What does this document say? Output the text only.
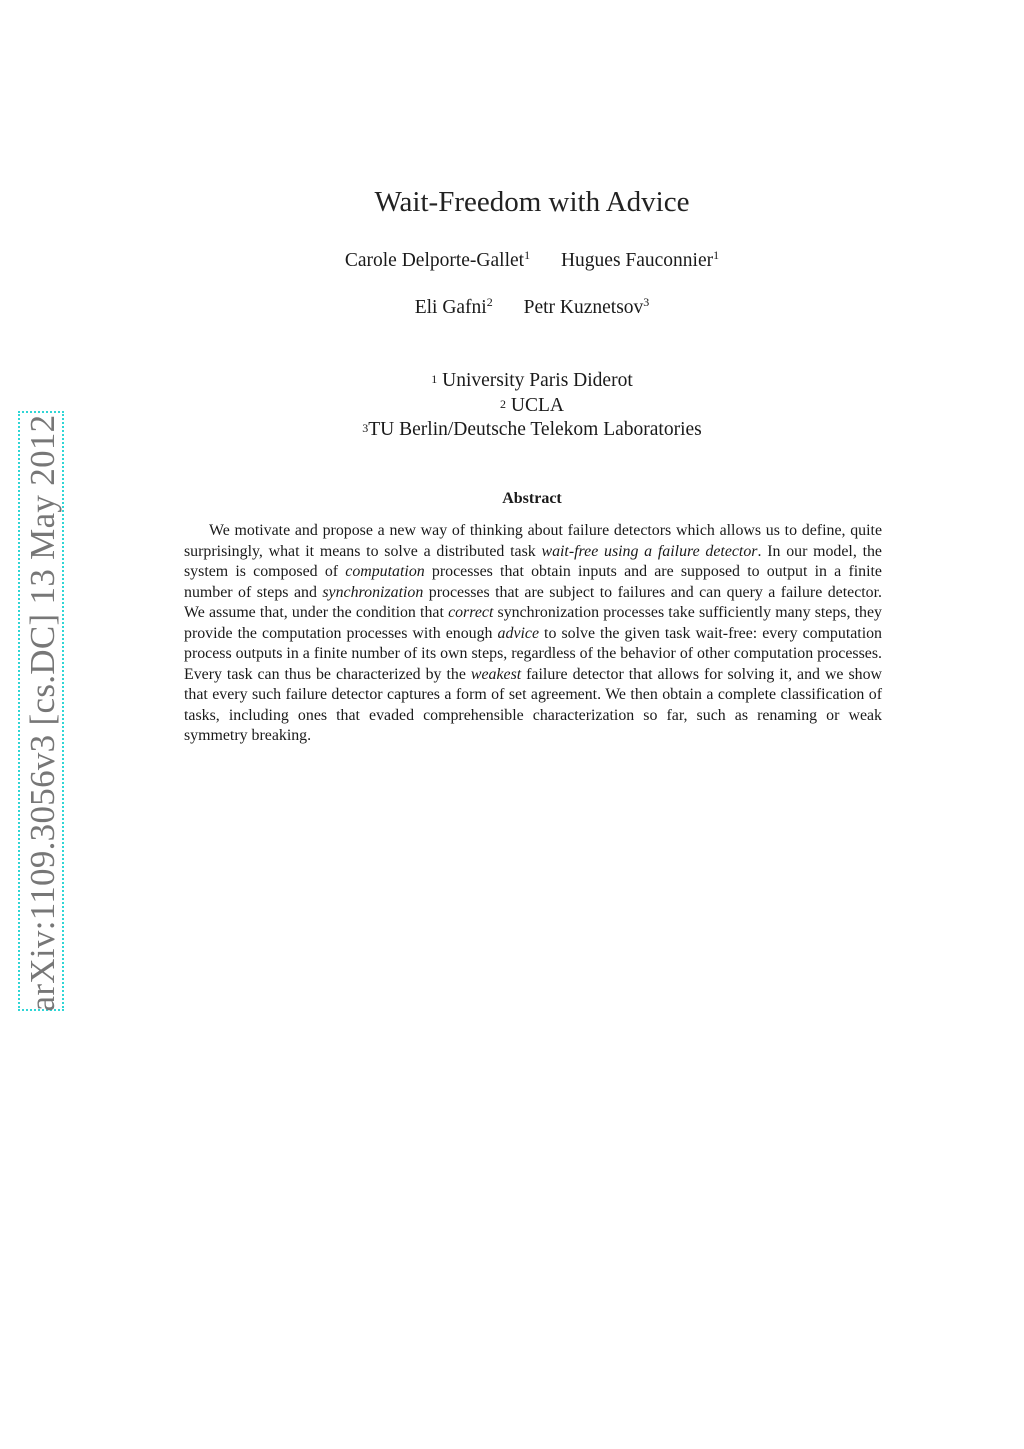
arXiv:1109.3056v3 [cs.DC] 13 May 2012
Wait-Freedom with Advice
Carole Delporte-Gallet$^1$ Hugues Fauconnier$^1$
Eli Gafni$^2$ Petr Kuznetsov$^3$
$^1$ University Paris Diderot
$^2$ UCLA
$^3$TU Berlin/Deutsche Telekom Laboratories
Abstract

We motivate and propose a new way of thinking about failure detectors which allows us to define, quite surprisingly, what it means to solve a distributed task wait-free using a failure detector. In our model, the system is composed of computation processes that obtain inputs and are supposed to output in a finite number of steps and synchronization processes that are subject to failures and can query a failure detector. We assume that, under the condition that correct synchronization processes take sufficiently many steps, they provide the computation processes with enough advice to solve the given task wait-free: every computation process outputs in a finite number of its own steps, regardless of the behavior of other computation processes. Every task can thus be characterized by the weakest failure detector that allows for solving it, and we show that every such failure detector captures a form of set agreement. We then obtain a complete classification of tasks, including ones that evaded comprehensible characterization so far, such as renaming or weak symmetry breaking.
